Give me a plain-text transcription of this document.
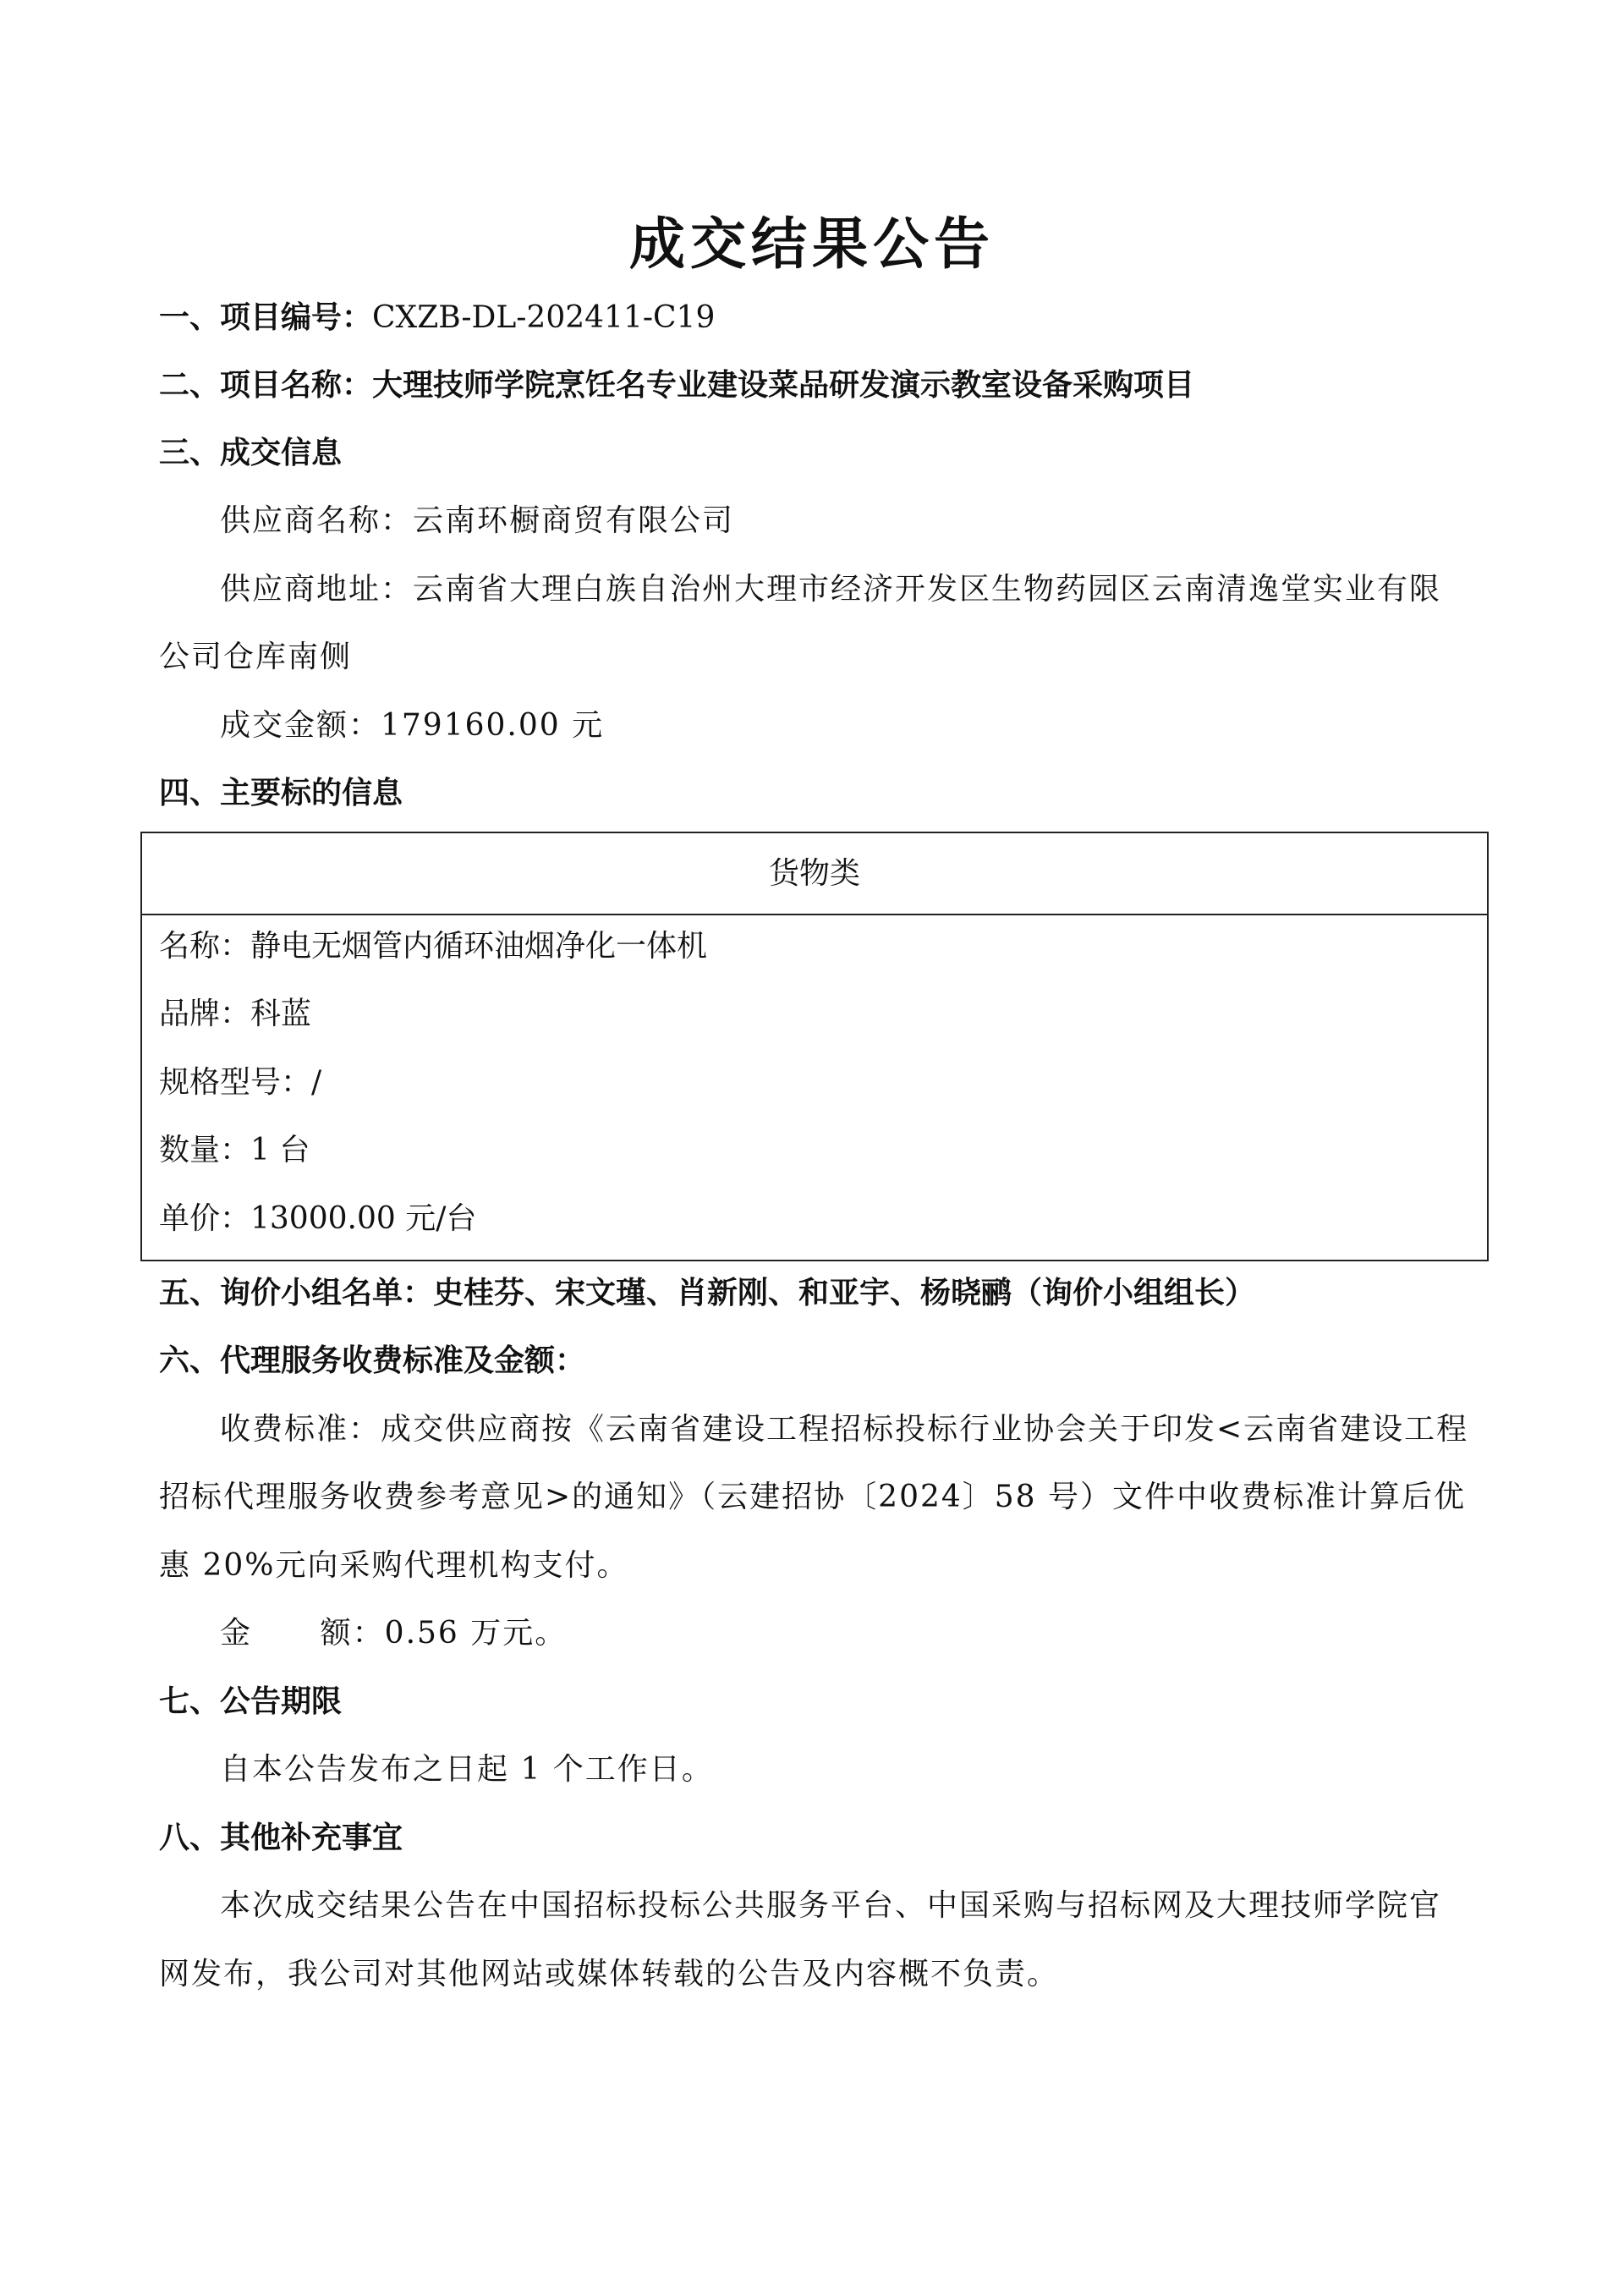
成交结果公告
一、项目编号：CXZB-DL-202411-C19
二、项目名称：大理技师学院烹饪名专业建设菜品研发演示教室设备采购项目
三、成交信息
供应商名称：云南环橱商贸有限公司
供应商地址：云南省大理白族自治州大理市经济开发区生物药园区云南清逸堂实业有限
公司仓库南侧
成交金额：179160.00 元
四、主要标的信息
货物类
名称：静电无烟管内循环油烟净化一体机
品牌：科蓝
规格型号：/
数量：1 台
单价：13000.00 元/台
五、询价小组名单：史桂芬、宋文瑾、肖新刚、和亚宇、杨晓鹂（询价小组组长）
六、代理服务收费标准及金额：
收费标准：成交供应商按《云南省建设工程招标投标行业协会关于印发<云南省建设工程
招标代理服务收费参考意见>的通知》（云建招协〔2024〕58 号）文件中收费标准计算后优
惠 20%元向采购代理机构支付。
金      额：0.56 万元。
七、公告期限
自本公告发布之日起 1 个工作日。
八、其他补充事宜
本次成交结果公告在中国招标投标公共服务平台、中国采购与招标网及大理技师学院官
网发布，我公司对其他网站或媒体转载的公告及内容概不负责。
